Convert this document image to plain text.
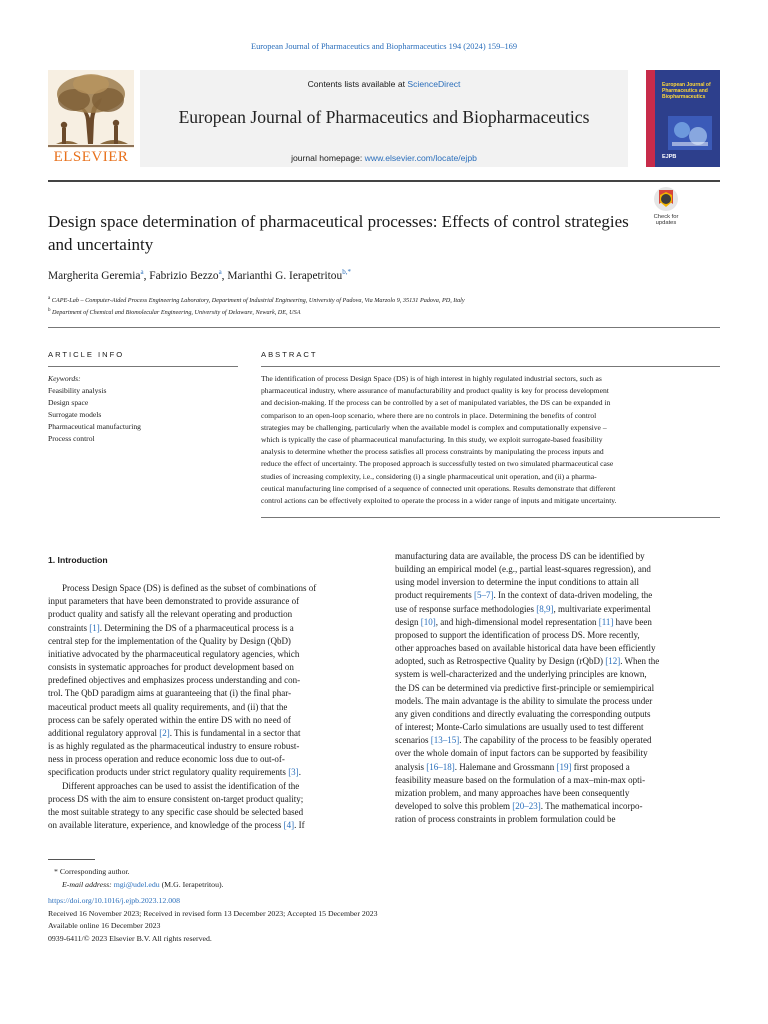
European Journal of Pharmaceutics and Biopharmaceutics 194 (2024) 159–169
ELSEVIER
Contents lists available at ScienceDirect
European Journal of Pharmaceutics and Biopharmaceutics
journal homepage: www.elsevier.com/locate/ejpb
European Journal of Pharmaceutics and Biopharmaceutics
EJPB
Design space determination of pharmaceutical processes: Effects of control strategies and uncertainty
Check for
updates
Margherita Geremia$^a$, Fabrizio Bezzo$^a$, Marianthi G. Ierapetritou$^{b,*}$
$^a$ CAPE-Lab – Computer-Aided Process Engineering Laboratory, Department of Industrial Engineering, University of Padova, Via Marzolo 9, 35131 Padova, PD, Italy
$^b$ Department of Chemical and Biomolecular Engineering, University of Delaware, Newark, DE, USA
ARTICLE INFO	ABSTRACT
Keywords:
Feasibility analysis
Design space
Surrogate models
Pharmaceutical manufacturing
Process control
The identification of process Design Space (DS) is of high interest in highly regulated industrial sectors, such as
pharmaceutical industry, where assurance of manufacturability and product quality is key for process development
and decision-making. If the process can be controlled by a set of manipulated variables, the DS can be expanded in
comparison to an open-loop scenario, where there are no controls in place. Determining the benefits of control
strategies may be challenging, particularly when the available model is complex and computationally expensive –
which is typically the case of pharmaceutical manufacturing. In this study, we exploit surrogate-based feasibility
analysis to determine whether the process satisfies all process constraints by manipulating the process inputs and
reduce the effect of uncertainty. The proposed approach is successfully tested on two simulated pharmaceutical case
studies of increasing complexity, i.e., considering (i) a single pharmaceutical unit operation, and (ii) a pharma-
ceutical manufacturing line comprised of a sequence of connected unit operations. Results demonstrate that different
control actions can be effectively exploited to operate the process in a wider range of inputs and mitigate uncertainty.
1. Introduction

Process Design Space (DS) is defined as the subset of combinations of

input parameters that have been demonstrated to provide assurance of

product quality and satisfy all the relevant operating and production

constraints [1]. Determining the DS of a pharmaceutical process is a

central step for the implementation of the Quality by Design (QbD)

initiative advocated by the pharmaceutical regulatory agencies, which

consists in systematic approaches for product development based on

predefined objectives and emphasizes process understanding and con-

trol. The QbD paradigm aims at guaranteeing that (i) the final phar-

maceutical product meets all quality requirements, and (ii) that the

process can be safely operated within the entire DS with no need of

additional regulatory approval [2]. This is fundamental in a sector that

is as highly regulated as the pharmaceutical industry to ensure robust-

ness in process operation and reduce economic loss due to out-of-

specification products under strict regulatory quality requirements [3].

Different approaches can be used to assist the identification of the

process DS with the aim to ensure consistent on-target product quality;

the most suitable strategy to any specific case should be selected based

on available literature, experience, and knowledge of the process [4]. If

manufacturing data are available, the process DS can be identified by

building an empirical model (e.g., partial least-squares regression), and

using model inversion to determine the input conditions to attain all

product requirements [5–7]. In the context of data-driven modeling, the

use of response surface methodologies [8,9], multivariate experimental

design [10], and high-dimensional model representation [11] have been

proposed to support the identification of process DS. More recently,

other approaches based on available historical data have been efficiently

adopted, such as Retrospective Quality by Design (rQbD) [12]. When the

system is well-characterized and the underlying principles are known,

the DS can be determined via predictive first-principle or semiempirical

models. The main advantage is the ability to simulate the process under

any given conditions and directly evaluating the corresponding outputs

of interest; Monte-Carlo simulations are usually used to test different

scenarios [13–15]. The capability of the process to be feasibly operated

over the whole domain of input factors can be supported by feasibility

analysis [16–18]. Halemane and Grossmann [19] first proposed a

feasibility measure based on the formulation of a max–min-max opti-

mization problem, and many approaches have been consequently

developed to solve this problem [20–23]. The mathematical incorpo-

ration of process constraints in problem formulation could be

* Corresponding author.

E-mail address: mgi@udel.edu (M.G. Ierapetritou).

https://doi.org/10.1016/j.ejpb.2023.12.008

Received 16 November 2023; Received in revised form 13 December 2023; Accepted 15 December 2023

Available online 16 December 2023

0939-6411/© 2023 Elsevier B.V. All rights reserved.
